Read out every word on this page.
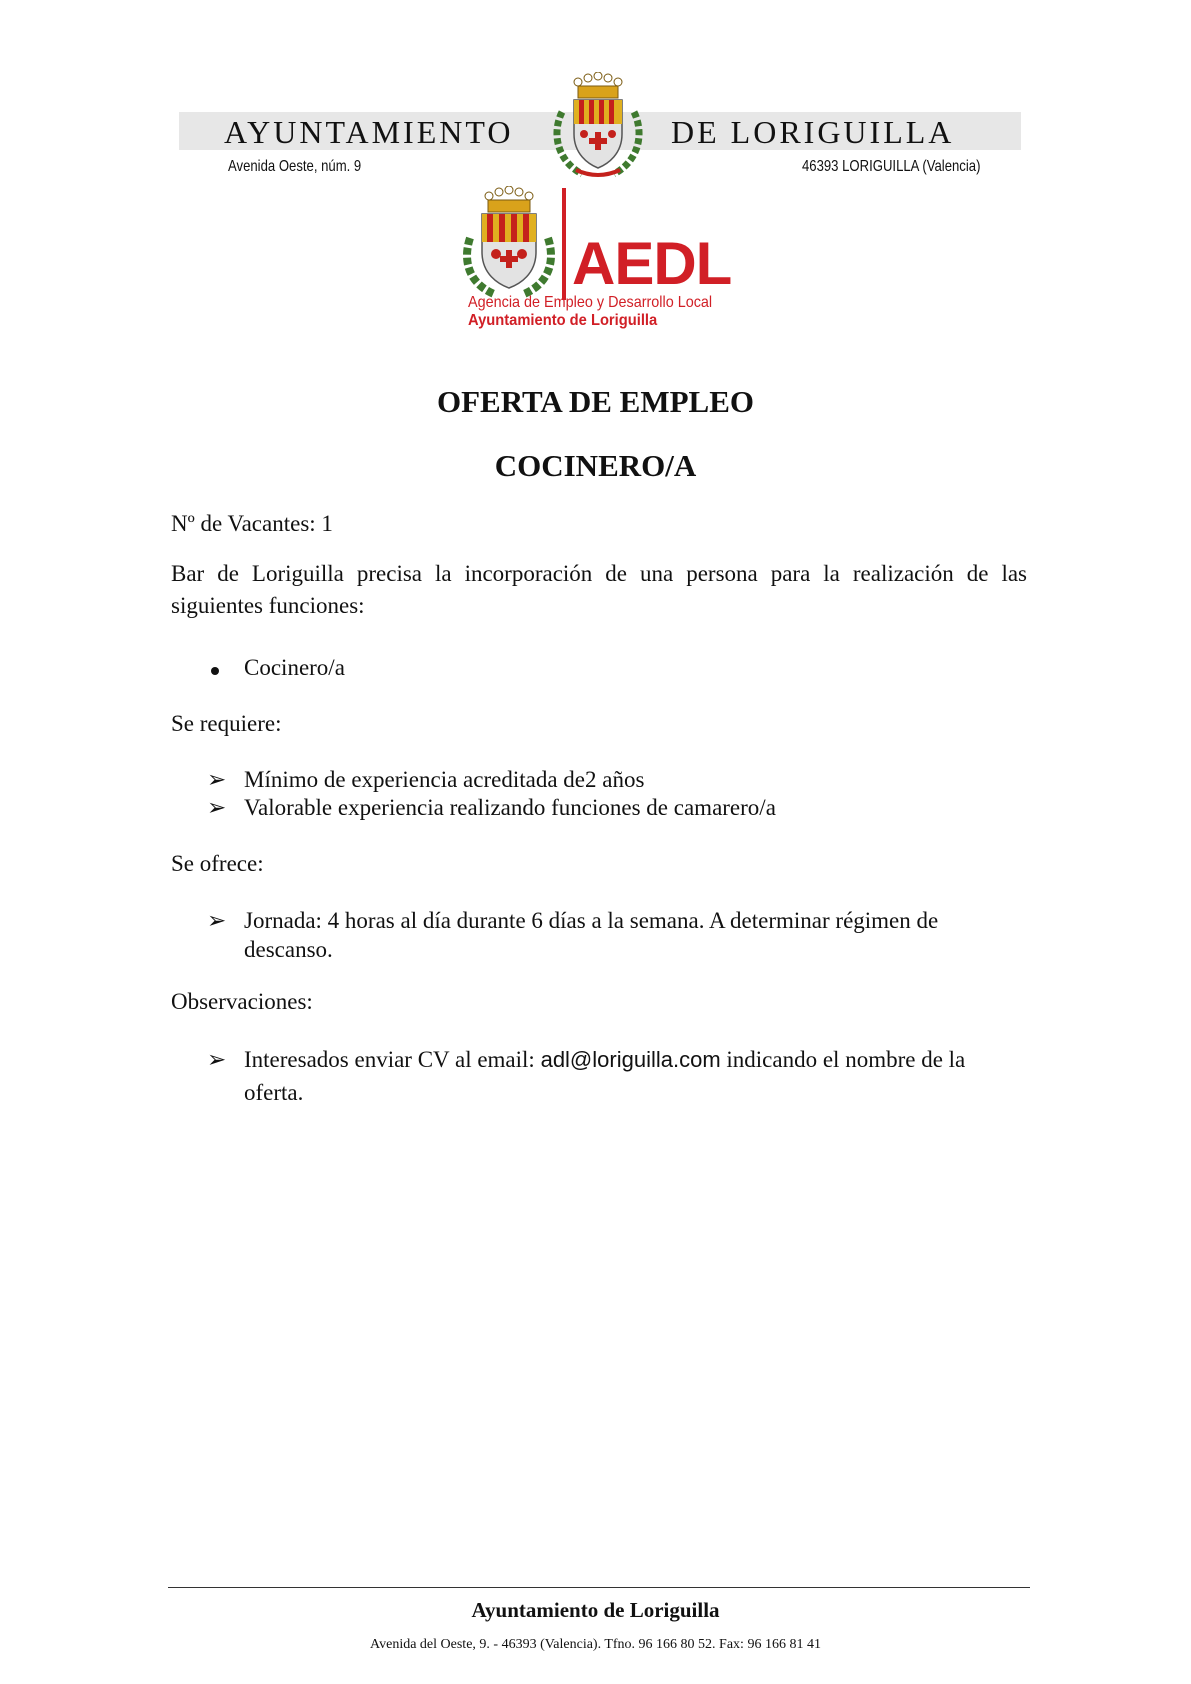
AYUNTAMIENTO	DE LORIGUILLA
Avenida Oeste, núm. 9	46393 LORIGUILLA (Valencia)
AEDL
Agencia de Empleo y Desarrollo Local
Ayuntamiento de Loriguilla
OFERTA DE EMPLEO
COCINERO/A
Nº de Vacantes: 1
Bar de Loriguilla precisa la incorporación de una persona para la realización de las siguientes funciones:
Cocinero/a
Se requiere:
➢ Mínimo de experiencia acreditada de2 años
➢ Valorable experiencia realizando funciones de camarero/a
Se ofrece:
➢ Jornada: 4 horas al día durante 6 días a la semana. A determinar régimen de descanso.
Observaciones:
➢ Interesados enviar CV al email: adl@loriguilla.com indicando el nombre de la oferta.
Ayuntamiento de Loriguilla
Avenida del Oeste, 9. - 46393 (Valencia). Tfno. 96 166 80 52. Fax: 96 166 81 41
